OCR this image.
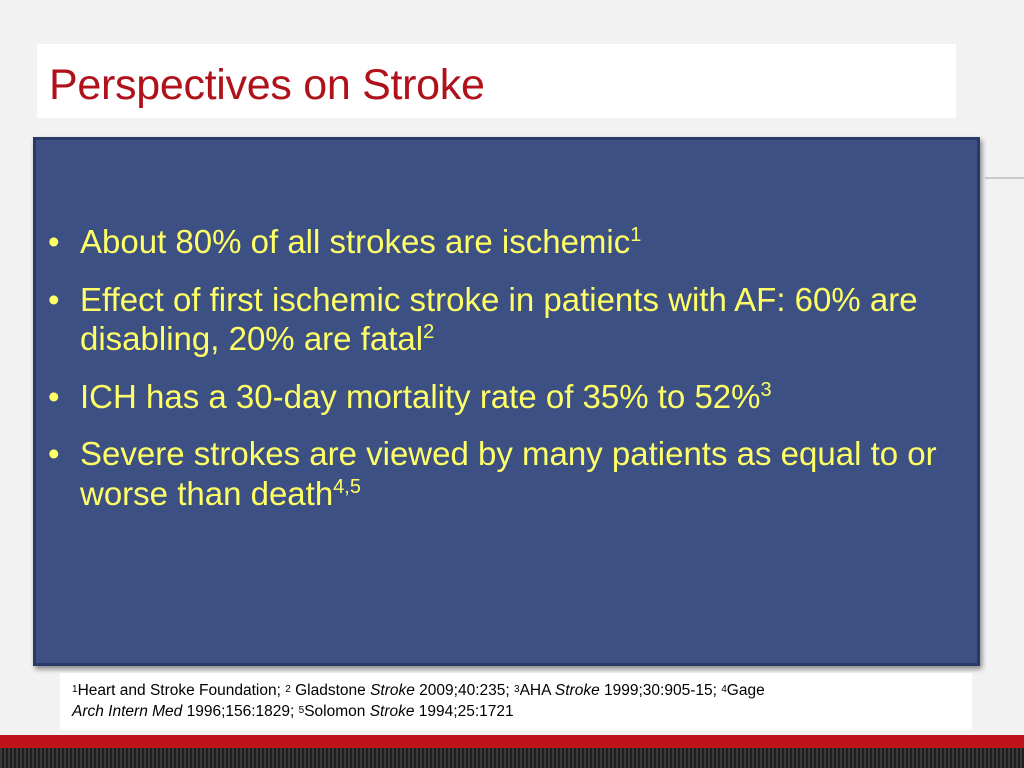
Perspectives on Stroke
• About 80% of all strokes are ischemic$^1$
• Effect of first ischemic stroke in patients with AF: 60% are disabling, 20% are fatal$^2$
• ICH has a 30-day mortality rate of 35% to 52%$^3$
• Severe strokes are viewed by many patients as equal to or worse than death$^{4,5}$
$^1$Heart and Stroke Foundation; $^2$ Gladstone Stroke 2009;40:235; $^3$AHA Stroke 1999;30:905-15; $^4$Gage
Arch Intern Med 1996;156:1829; $^5$Solomon Stroke 1994;25:1721
